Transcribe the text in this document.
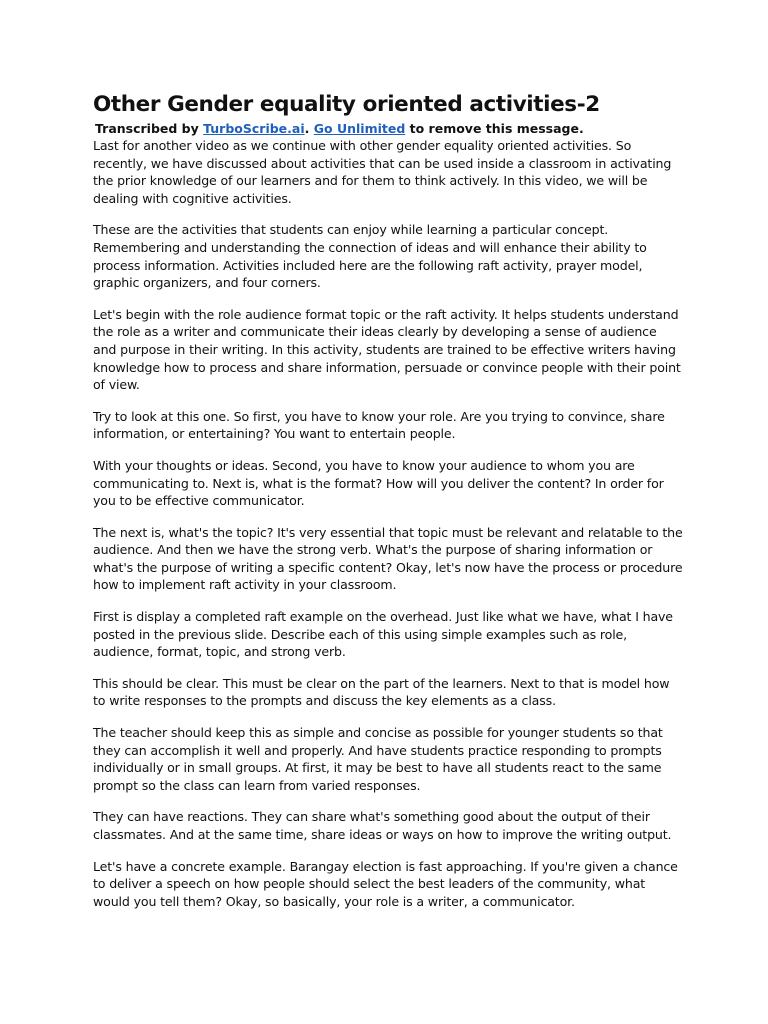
Other Gender equality oriented activities-2

Transcribed by TurboScribe.ai. Go Unlimited to remove this message.

Last for another video as we continue with other gender equality oriented activities. So recently, we have discussed about activities that can be used inside a classroom in activating the prior knowledge of our learners and for them to think actively. In this video, we will be dealing with cognitive activities.

These are the activities that students can enjoy while learning a particular concept. Remembering and understanding the connection of ideas and will enhance their ability to process information. Activities included here are the following raft activity, prayer model, graphic organizers, and four corners.

Let's begin with the role audience format topic or the raft activity. It helps students understand the role as a writer and communicate their ideas clearly by developing a sense of audience and purpose in their writing. In this activity, students are trained to be effective writers having knowledge how to process and share information, persuade or convince people with their point of view.

Try to look at this one. So first, you have to know your role. Are you trying to convince, share information, or entertaining? You want to entertain people.

With your thoughts or ideas. Second, you have to know your audience to whom you are communicating to. Next is, what is the format? How will you deliver the content? In order for you to be effective communicator.

The next is, what's the topic? It's very essential that topic must be relevant and relatable to the audience. And then we have the strong verb. What's the purpose of sharing information or what's the purpose of writing a specific content? Okay, let's now have the process or procedure how to implement raft activity in your classroom.

First is display a completed raft example on the overhead. Just like what we have, what I have posted in the previous slide. Describe each of this using simple examples such as role, audience, format, topic, and strong verb.

This should be clear. This must be clear on the part of the learners. Next to that is model how to write responses to the prompts and discuss the key elements as a class.

The teacher should keep this as simple and concise as possible for younger students so that they can accomplish it well and properly. And have students practice responding to prompts individually or in small groups. At first, it may be best to have all students react to the same prompt so the class can learn from varied responses.

They can have reactions. They can share what's something good about the output of their classmates. And at the same time, share ideas or ways on how to improve the writing output.

Let's have a concrete example. Barangay election is fast approaching. If you're given a chance to deliver a speech on how people should select the best leaders of the community, what would you tell them? Okay, so basically, your role is a writer, a communicator.
